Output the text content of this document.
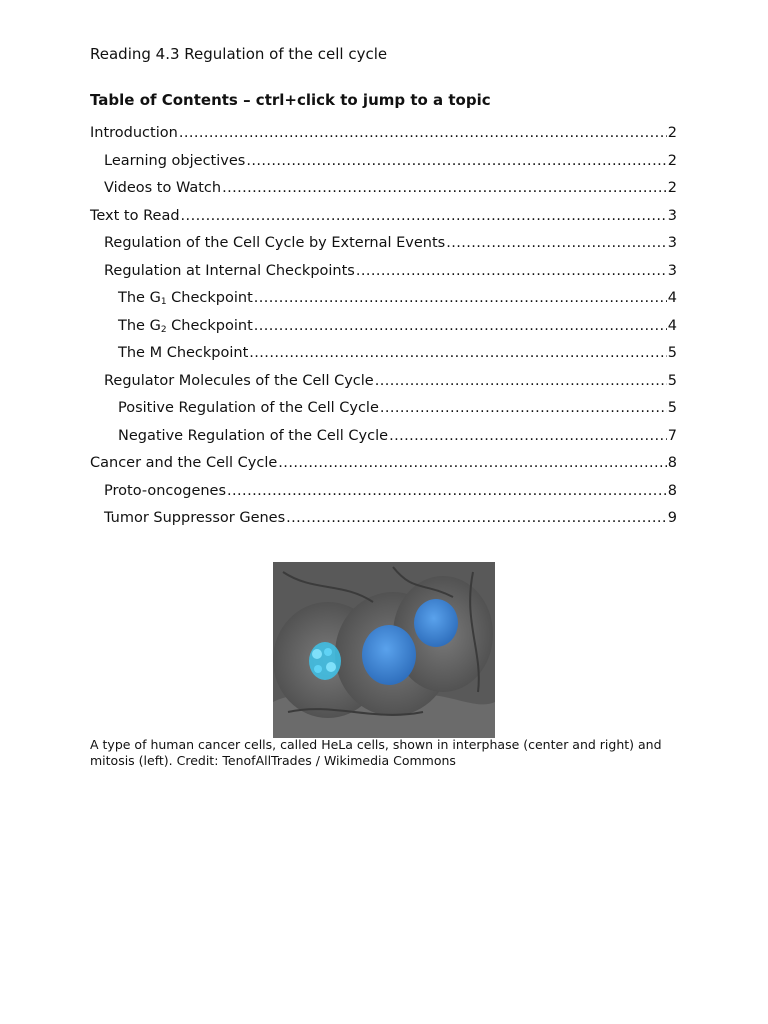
Reading 4.3 Regulation of the cell cycle
Table of Contents – ctrl+click to jump to a topic
Introduction .....	2
Learning objectives .....	2
Videos to Watch .....	2
Text to Read .....	3
Regulation of the Cell Cycle by External Events .....	3
Regulation at Internal Checkpoints .....	3
The $G_1$ Checkpoint .....	4
The $G_2$ Checkpoint .....	4
The M Checkpoint .....	5
Regulator Molecules of the Cell Cycle .....	5
Positive Regulation of the Cell Cycle .....	5
Negative Regulation of the Cell Cycle .....	7
Cancer and the Cell Cycle .....	8
Proto-oncogenes .....	8
Tumor Suppressor Genes .....	9
A type of human cancer cells, called HeLa cells, shown in interphase (center and right) and mitosis (left). Credit: TenofAllTrades / Wikimedia Commons
